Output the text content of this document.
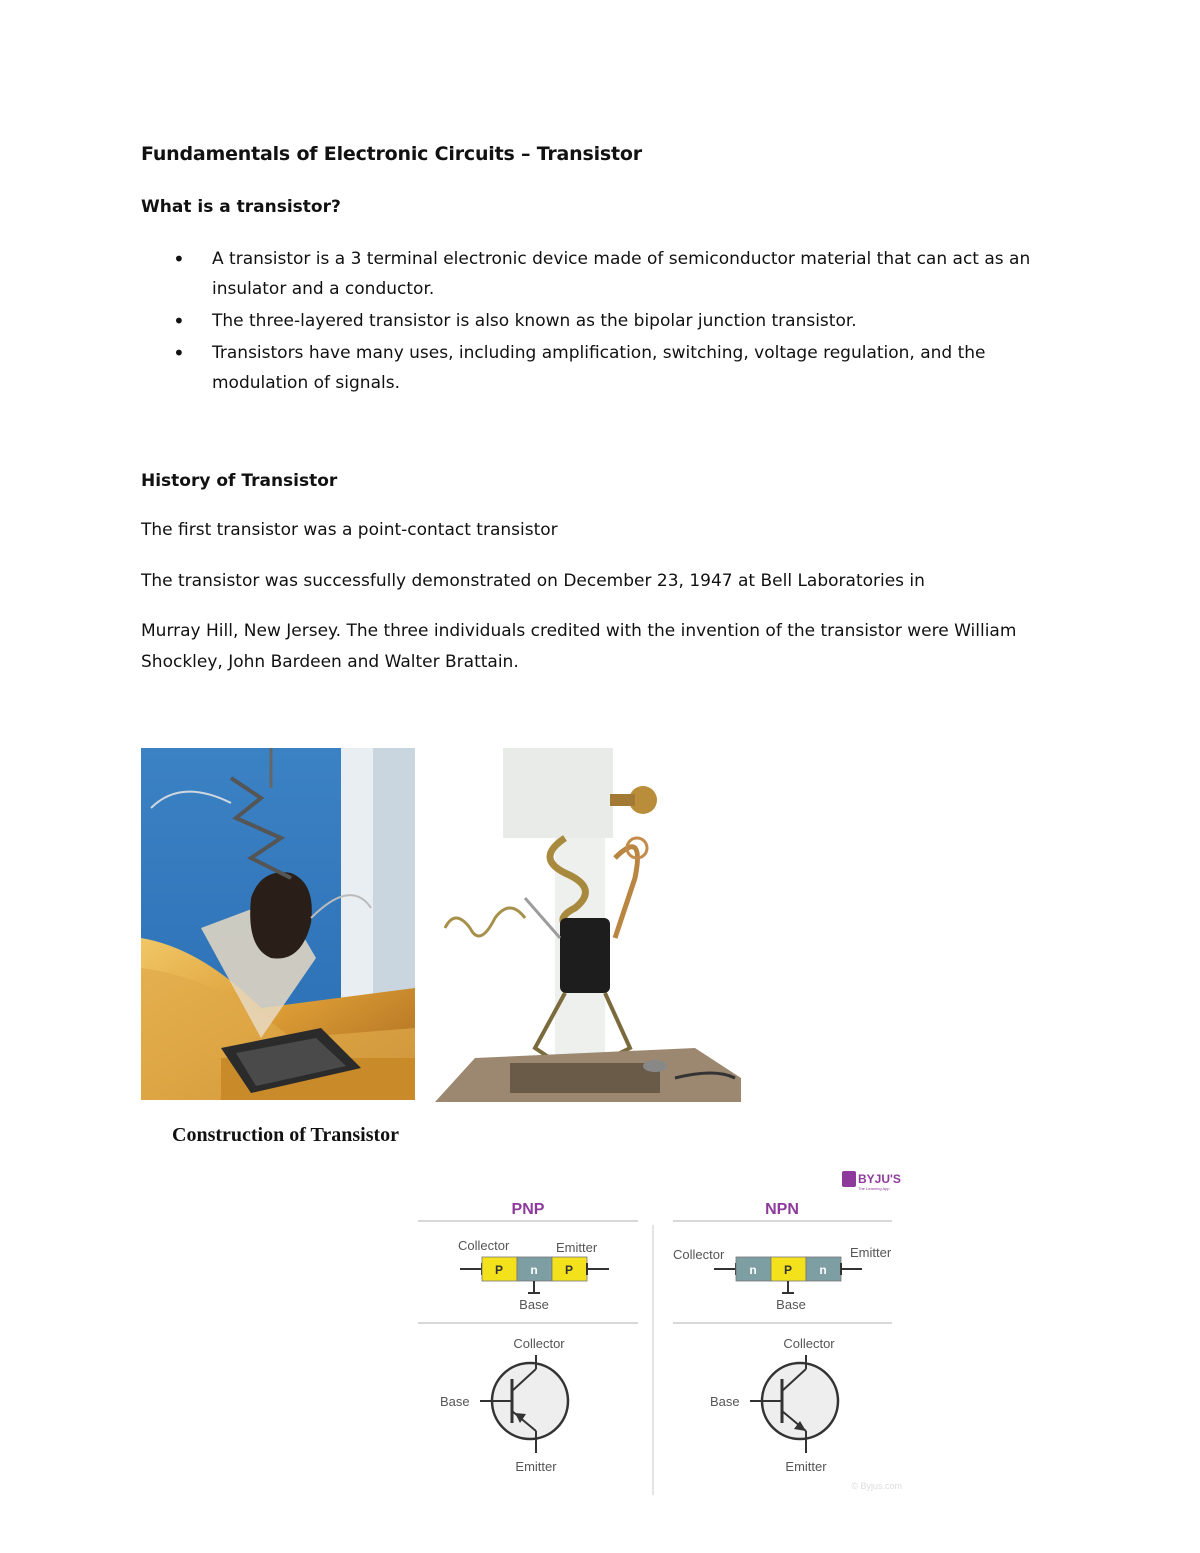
Fundamentals of Electronic Circuits – Transistor
What is a transistor?
• A transistor is a 3 terminal electronic device made of semiconductor material that can act as an insulator and a conductor.
• The three-layered transistor is also known as the bipolar junction transistor.
• Transistors have many uses, including amplification, switching, voltage regulation, and the modulation of signals.
History of Transistor
The first transistor was a point-contact transistor
The transistor was successfully demonstrated on December 23, 1947 at Bell Laboratories in
Murray Hill, New Jersey. The three individuals credited with the invention of the transistor were William Shockley, John Bardeen and Walter Brattain.
Construction of Transistor
BYJU'S
The Learning App
PNP
Collector	Emitter
P n P
Base
Collector
Base
Emitter
NPN
Collector	Emitter
n P n
Base
Collector
Base
Emitter
© Byjus.com
